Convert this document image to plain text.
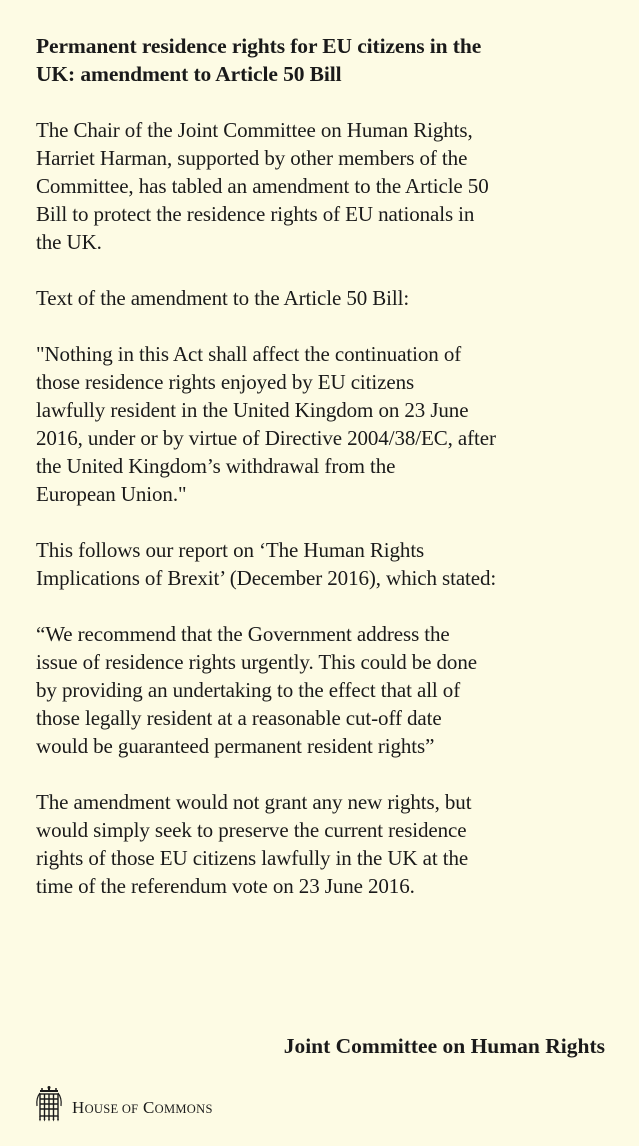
Permanent residence rights for EU citizens in the
UK: amendment to Article 50 Bill

The Chair of the Joint Committee on Human Rights,
Harriet Harman, supported by other members of the
Committee, has tabled an amendment to the Article 50
Bill to protect the residence rights of EU nationals in
the UK.

Text of the amendment to the Article 50 Bill:

"Nothing in this Act shall affect the continuation of
those residence rights enjoyed by EU citizens
lawfully resident in the United Kingdom on 23 June
2016, under or by virtue of Directive 2004/38/EC, after
the United Kingdom’s withdrawal from the
European Union."

This follows our report on ‘The Human Rights
Implications of Brexit’ (December 2016), which stated:

“We recommend that the Government address the
issue of residence rights urgently. This could be done
by providing an undertaking to the effect that all of
those legally resident at a reasonable cut-off date
would be guaranteed permanent resident rights”

The amendment would not grant any new rights, but
would simply seek to preserve the current residence
rights of those EU citizens lawfully in the UK at the
time of the referendum vote on 23 June 2016.

Joint Committee on Human Rights
HOUSE OF COMMONS
